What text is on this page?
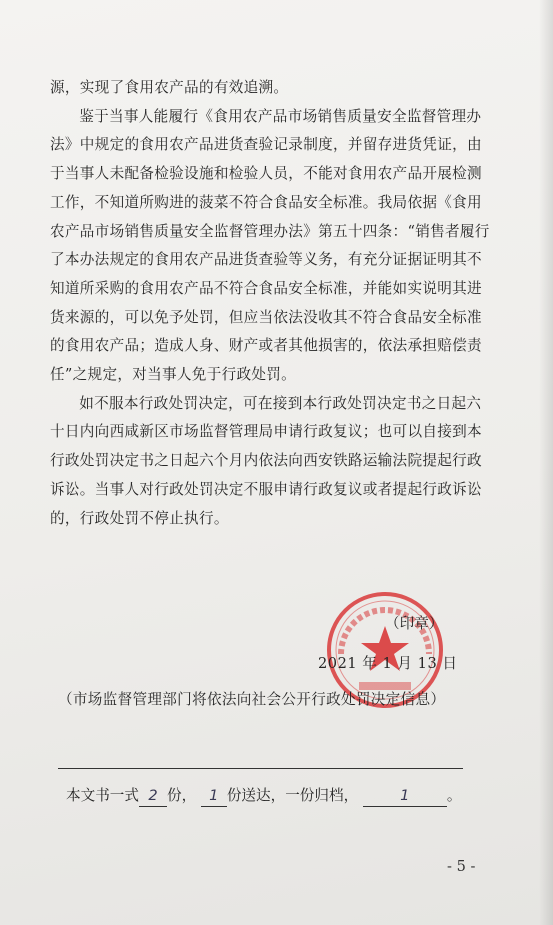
源，实现了食用农产品的有效追溯。

鉴于当事人能履行《食用农产品市场销售质量安全监督管理办法》中规定的食用农产品进货查验记录制度，并留存进货凭证，由于当事人未配备检验设施和检验人员，不能对食用农产品开展检测工作，不知道所购进的菠菜不符合食品安全标准。我局依据《食用农产品市场销售质量安全监督管理办法》第五十四条：“销售者履行了本办法规定的食用农产品进货查验等义务，有充分证据证明其不知道所采购的食用农产品不符合食品安全标准，并能如实说明其进货来源的，可以免予处罚，但应当依法没收其不符合食品安全标准的食用农产品；造成人身、财产或者其他损害的，依法承担赔偿责任”之规定，对当事人免于行政处罚。

如不服本行政处罚决定，可在接到本行政处罚决定书之日起六十日内向西咸新区市场监督管理局申请行政复议；也可以自接到本行政处罚决定书之日起六个月内依法向西安铁路运输法院提起行政诉讼。当事人对行政处罚决定不服申请行政复议或者提起行政诉讼的，行政处罚不停止执行。

（印章）
2021 年 1 月 13 日
（市场监督管理部门将依法向社会公开行政处罚决定信息）
本文书一式 2 份， 1 份送达，一份归档，	1	。
- 5 -
